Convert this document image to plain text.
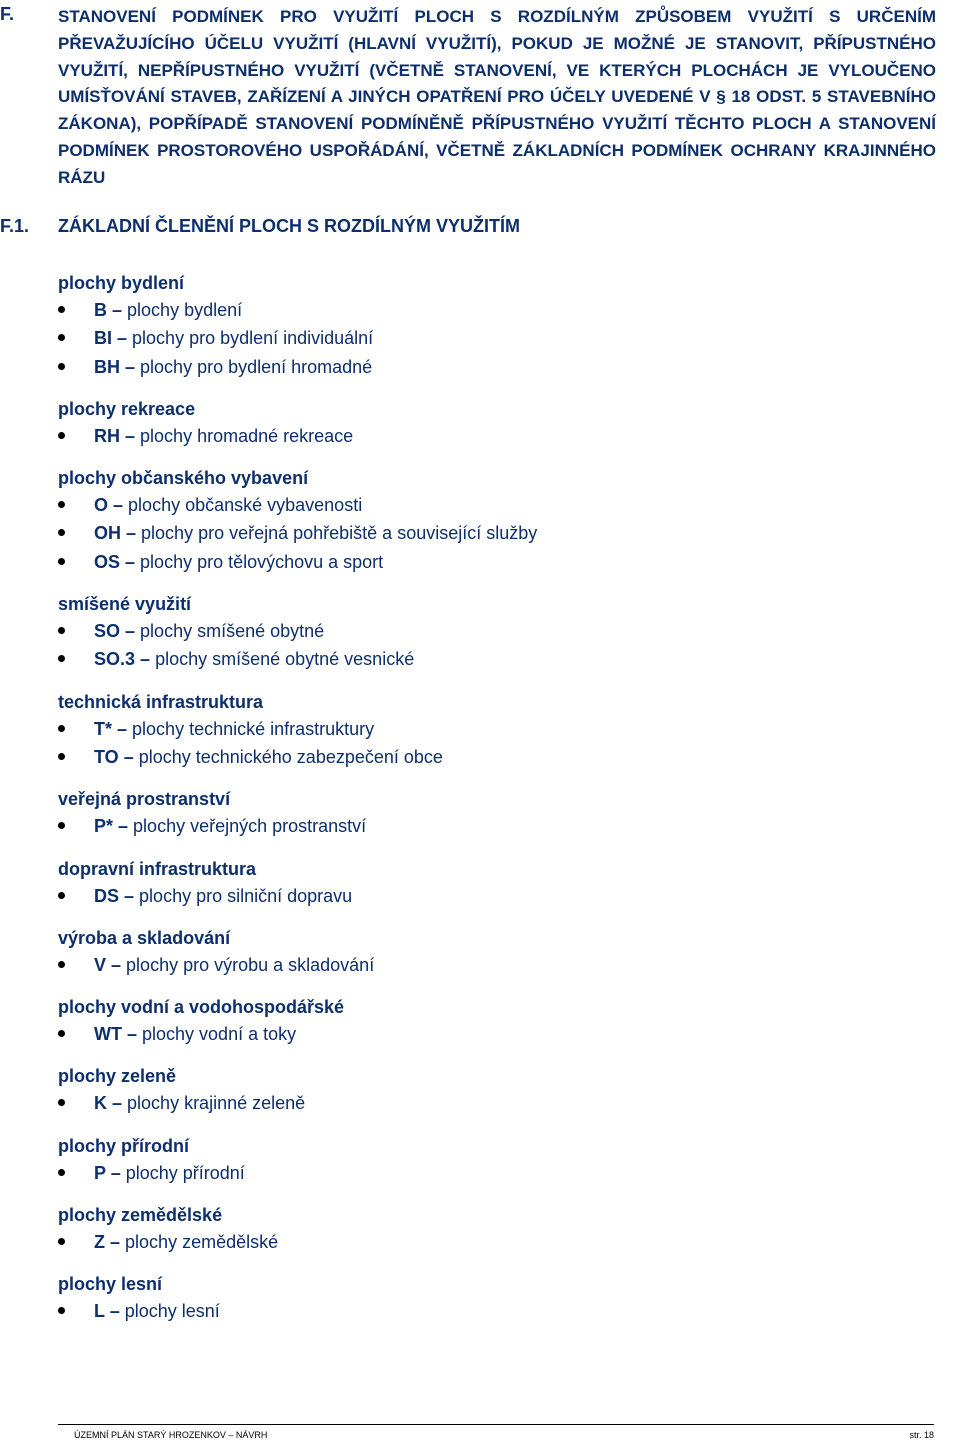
F.	STANOVENÍ PODMÍNEK PRO VYUŽITÍ PLOCH S ROZDÍLNÝM ZPŮSOBEM VYUŽITÍ S URČENÍM PŘEVAŽUJÍCÍHO ÚČELU VYUŽITÍ (HLAVNÍ VYUŽITÍ), POKUD JE MOŽNÉ JE STANOVIT, PŘÍPUSTNÉHO VYUŽITÍ, NEPŘÍPUSTNÉHO VYUŽITÍ (VČETNĚ STANOVENÍ, VE KTERÝCH PLOCHÁCH JE VYLOUČENO UMÍSŤOVÁNÍ STAVEB, ZAŘÍZENÍ A JINÝCH OPATŘENÍ PRO ÚČELY UVEDENÉ V § 18 ODST. 5 STAVEBNÍHO ZÁKONA), POPŘÍPADĚ STANOVENÍ PODMÍNĚNĚ PŘÍPUSTNÉHO VYUŽITÍ TĚCHTO PLOCH A STANOVENÍ PODMÍNEK PROSTOROVÉHO USPOŘÁDÁNÍ, VČETNĚ ZÁKLADNÍCH PODMÍNEK OCHRANY KRAJINNÉHO RÁZU
F.1. ZÁKLADNÍ ČLENĚNÍ PLOCH S ROZDÍLNÝM VYUŽITÍM
plochy bydlení
B – plochy bydlení
BI – plochy pro bydlení individuální
BH – plochy pro bydlení hromadné
plochy rekreace
RH – plochy hromadné rekreace
plochy občanského vybavení
O – plochy občanské vybavenosti
OH – plochy pro veřejná pohřebiště a související služby
OS – plochy pro tělovýchovu a sport
smíšené využití
SO – plochy smíšené obytné
SO.3 – plochy smíšené obytné vesnické
technická infrastruktura
T* – plochy technické infrastruktury
TO – plochy technického zabezpečení obce
veřejná prostranství
P* – plochy veřejných prostranství
dopravní infrastruktura
DS – plochy pro silniční dopravu
výroba a skladování
V – plochy pro výrobu a skladování
plochy vodní a vodohospodářské
WT – plochy vodní a toky
plochy zeleně
K – plochy krajinné zeleně
plochy přírodní
P – plochy přírodní
plochy zemědělské
Z – plochy zemědělské
plochy lesní
L – plochy lesní
ÚZEMNÍ PLÁN STARÝ HROZENKOV – NÁVRH	str. 18
